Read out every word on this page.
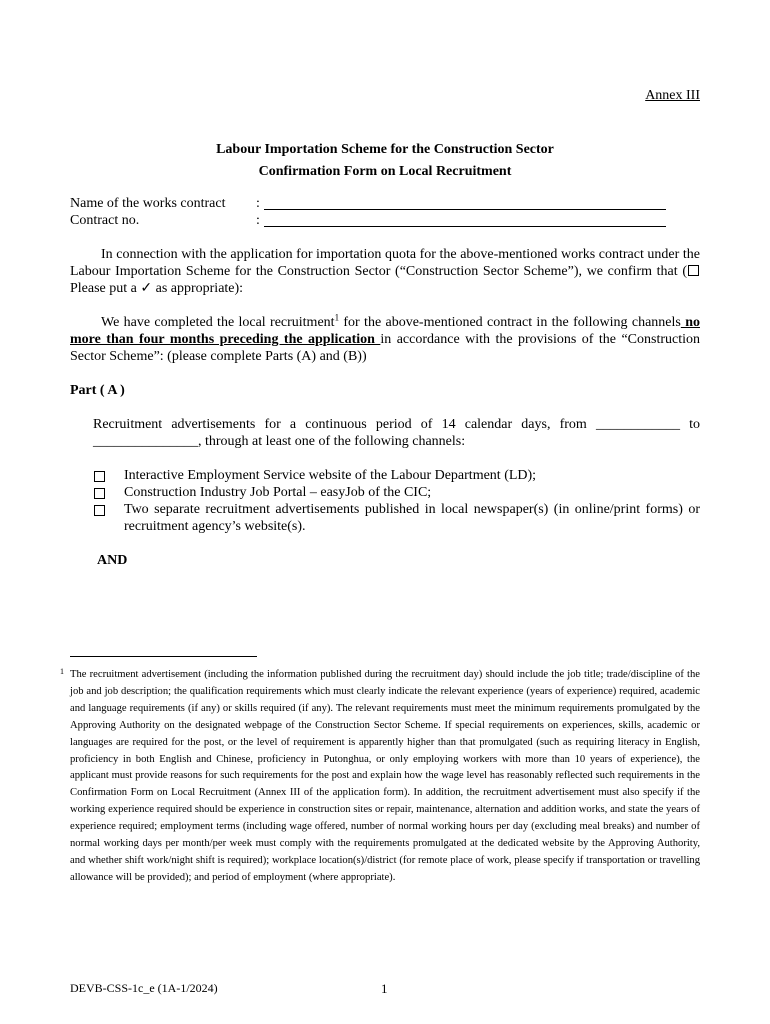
Annex III
Labour Importation Scheme for the Construction Sector
Confirmation Form on Local Recruitment
Name of the works contract	:
Contract no.	:
In connection with the application for importation quota for the above-mentioned works contract under the Labour Importation Scheme for the Construction Sector (“Construction Sector Scheme”), we confirm that ( Please put a ✓ as appropriate):
We have completed the local recruitment$^1$ for the above-mentioned contract in the following channels no more than four months preceding the application in accordance with the provisions of the “Construction Sector Scheme”: (please complete Parts (A) and (B))
Part ( A )
Recruitment advertisements for a continuous period of 14 calendar days, from ____________ to _______________, through at least one of the following channels:
Interactive Employment Service website of the Labour Department (LD);
Construction Industry Job Portal – easyJob of the CIC;
Two separate recruitment advertisements published in local newspaper(s) (in online/print forms) or recruitment agency’s website(s).
AND
1 The recruitment advertisement (including the information published during the recruitment day) should include the job title; trade/discipline of the job and job description; the qualification requirements which must clearly indicate the relevant experience (years of experience) required, academic and language requirements (if any) or skills required (if any). The relevant requirements must meet the minimum requirements promulgated by the Approving Authority on the designated webpage of the Construction Sector Scheme. If special requirements on experiences, skills, academic or languages are required for the post, or the level of requirement is apparently higher than that promulgated (such as requiring literacy in English, proficiency in both English and Chinese, proficiency in Putonghua, or only employing workers with more than 10 years of experience), the applicant must provide reasons for such requirements for the post and explain how the wage level has reasonably reflected such requirements in the Confirmation Form on Local Recruitment (Annex III of the application form). In addition, the recruitment advertisement must also specify if the working experience required should be experience in construction sites or repair, maintenance, alternation and addition works, and state the years of experience required; employment terms (including wage offered, number of normal working hours per day (excluding meal breaks) and number of normal working days per month/per week must comply with the requirements promulgated at the dedicated website by the Approving Authority, and whether shift work/night shift is required); workplace location(s)/district (for remote place of work, please specify if transportation or travelling allowance will be provided); and period of employment (where appropriate).
DEVB-CSS-1c_e (1A-1/2024)	1
